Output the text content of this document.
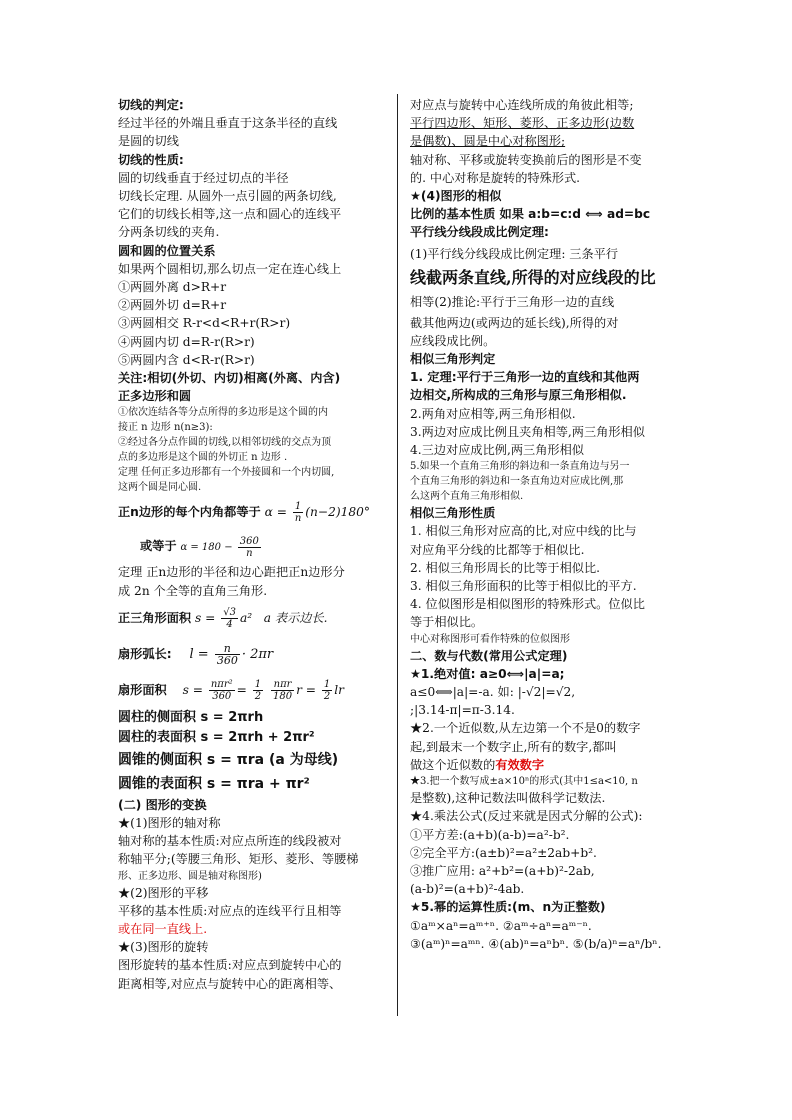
切线的判定:
经过半径的外端且垂直于这条半径的直线
是圆的切线
切线的性质:
圆的切线垂直于经过切点的半径
切线长定理. 从圆外一点引圆的两条切线,
它们的切线长相等,这一点和圆心的连线平
分两条切线的夹角.
圆和圆的位置关系
如果两个圆相切,那么切点一定在连心线上
①两圆外离 d>R+r
②两圆外切 d=R+r
③两圆相交 R-r<d<R+r(R>r)
④两圆内切 d=R-r(R>r)
⑤两圆内含 d<R-r(R>r)
关注:相切(外切、内切)相离(外离、内含)
正多边形和圆
①依次连结各等分点所得的多边形是这个圆的内
接正 n 边形 n(n≥3):
②经过各分点作圆的切线,以相邻切线的交点为顶
点的多边形是这个圆的外切正 n 边形 .
定理 任何正多边形都有一个外接圆和一个内切圆,
这两个圆是同心圆.
正n边形的每个内角都等于 $\alpha = \frac{1}{n} (n-2)180^\circ$
或等于 $\alpha = 180 - \frac{360}{n}$
定理 正n边形的半径和边心距把正n边形分
成 2n 个全等的直角三角形.
正三角形面积 $s = \frac{√3}{4} a^2$ a 表示边长.
扇形弧长: $l = \frac{n}{360} \cdot 2\pi r$
扇形面积 $s = \frac{\text{nπr²}}{360} = \frac{1}{2}$
$\frac{\text{nπr}}{180}$ $r = \frac{1}{2}$ lr
圆柱的侧面积 s = 2πrh
圆柱的表面积 s = 2πrh + 2πr²
圆锥的侧面积 s = πra (a 为母线)
圆锥的表面积 s = πra + πr²
(二) 图形的变换
★(1)图形的轴对称
轴对称的基本性质:对应点所连的线段被对
称轴平分;(等腰三角形、矩形、菱形、等腰梯
形、正多边形、圆是轴对称图形)
★(2)图形的平移
平移的基本性质:对应点的连线平行且相等
或在同一直线上.
★(3)图形的旋转
图形旋转的基本性质:对应点到旋转中心的
距离相等,对应点与旋转中心的距离相等、
对应点与旋转中心连线所成的角彼此相等;
平行四边形、矩形、菱形、正多边形(边数
是偶数)、圆是中心对称图形;
轴对称、平移或旋转变换前后的图形是不变
的. 中心对称是旋转的特殊形式.
★(4)图形的相似
比例的基本性质 如果 a:b=c:d ⟺ ad=bc
平行线分线段成比例定理:
(1)平行线分线段成比例定理: 三条平行
线截两条直线,所得的对应线段的比
相等(2)推论:平行于三角形一边的直线
截其他两边(或两边的延长线),所得的对
应线段成比例。
相似三角形判定
1. 定理:平行于三角形一边的直线和其他两
边相交,所构成的三角形与原三角形相似.
2.两角对应相等,两三角形相似.
3.两边对应成比例且夹角相等,两三角形相似
4.三边对应成比例,两三角形相似
5.如果一个直角三角形的斜边和一条直角边与另一
个直角三角形的斜边和一条直角边对应成比例,那
么这两个直角三角形相似.
相似三角形性质
1. 相似三角形对应高的比,对应中线的比与
对应角平分线的比都等于相似比.
2. 相似三角形周长的比等于相似比.
3. 相似三角形面积的比等于相似比的平方.
4. 位似图形是相似图形的特殊形式。位似比
等于相似比。
中心对称图形可看作特殊的位似图形
二、数与代数(常用公式定理)
★1.绝对值: a≥0⟺|a|=a;
a≤0⟺|a|=-a. 如: |-√2|=√2,
;|3.14-π|=π-3.14.
★2.一个近似数,从左边第一个不是0的数字
起,到最末一个数字止,所有的数字,都叫
做这个近似数的有效数字
★3.把一个数写成±a×10ⁿ的形式(其中1≤a<10, n
是整数),这种记数法叫做科学记数法.
★4.乘法公式(反过来就是因式分解的公式):
①平方差:(a+b)(a-b)=a²-b².
②完全平方:(a±b)²=a²±2ab+b².
③推广应用: a²+b²=(a+b)²-2ab,
(a-b)²=(a+b)²-4ab.
★5.幂的运算性质:(m、n为正整数)
①aᵐ×aⁿ=aᵐ⁺ⁿ. ②aᵐ÷aⁿ=aᵐ⁻ⁿ.
③(aᵐ)ⁿ=aᵐⁿ. ④(ab)ⁿ=aⁿbⁿ. ⑤(b/a)ⁿ=aⁿ/bⁿ.
